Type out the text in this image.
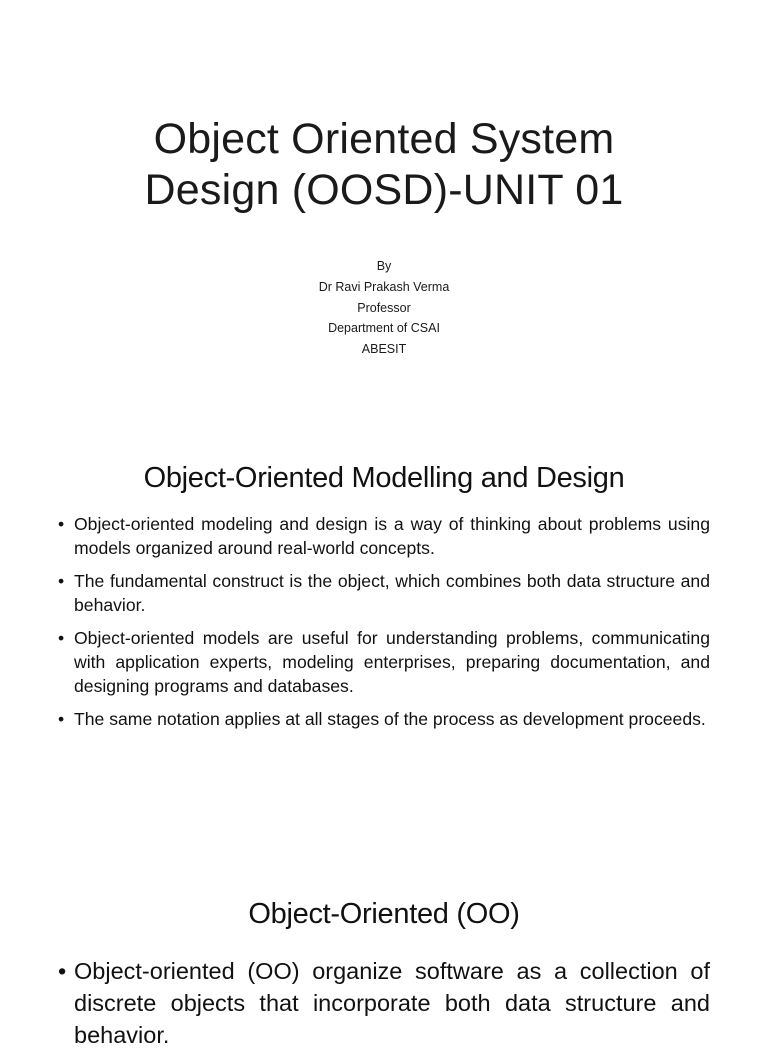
Object Oriented System
Design (OOSD)-UNIT 01
By
Dr Ravi Prakash Verma
Professor
Department of CSAI
ABESIT
Object-Oriented Modelling and Design
• Object-oriented modeling and design is a way of thinking about problems using models organized around real-world concepts.
• The fundamental construct is the object, which combines both data structure and behavior.
• Object-oriented models are useful for understanding problems, communicating with application experts, modeling enterprises, preparing documentation, and designing programs and databases.
• The same notation applies at all stages of the process as development proceeds.
Object-Oriented (OO)
• Object-oriented (OO) organize software as a collection of discrete objects that incorporate both data structure and behavior.
